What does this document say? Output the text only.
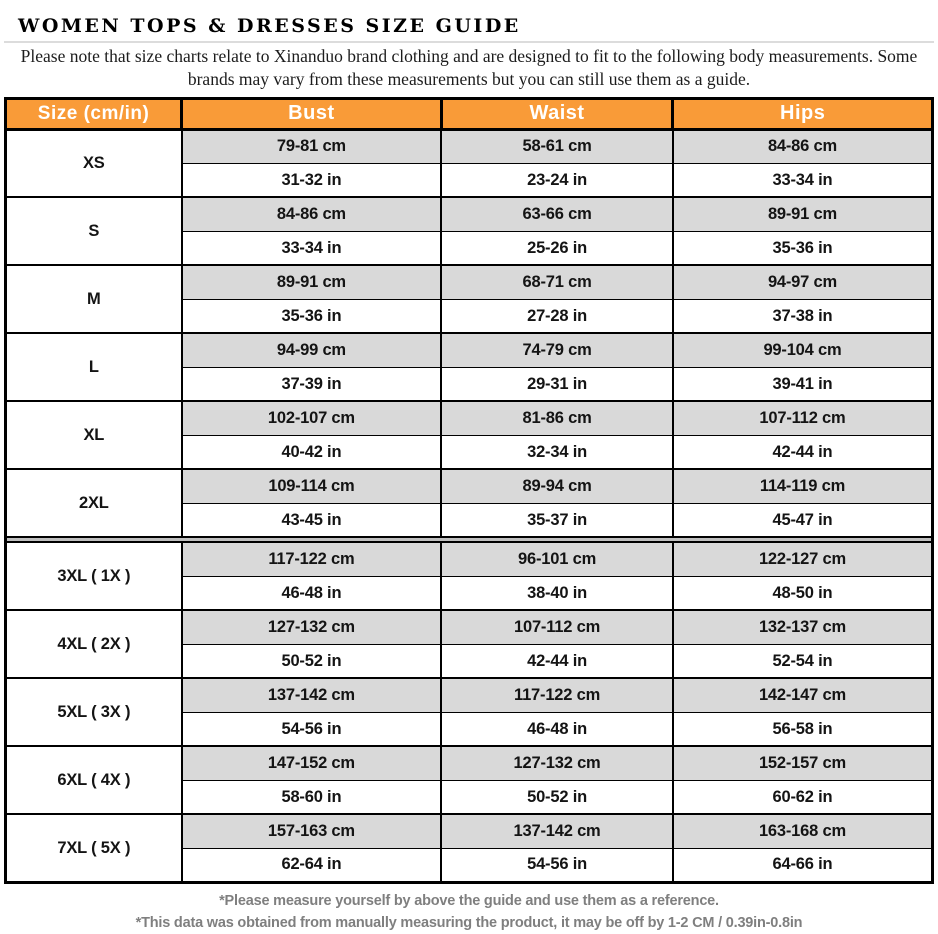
WOMEN TOPS & DRESSES SIZE GUIDE

Please note that size charts relate to Xinanduo brand clothing and are designed to fit to the following body measurements. Some brands may vary from these measurements but you can still use them as a guide.

Size (cm/in)	Bust	Waist	Hips
XS	79-81 cm	58-61 cm	84-86 cm
	31-32 in	23-24 in	33-34 in
S	84-86 cm	63-66 cm	89-91 cm
	33-34 in	25-26 in	35-36 in
M	89-91 cm	68-71 cm	94-97 cm
	35-36 in	27-28 in	37-38 in
L	94-99 cm	74-79 cm	99-104 cm
	37-39 in	29-31 in	39-41 in
XL	102-107 cm	81-86 cm	107-112 cm
	40-42 in	32-34 in	42-44 in
2XL	109-114 cm	89-94 cm	114-119 cm
	43-45 in	35-37 in	45-47 in

3XL ( 1X )	117-122 cm	96-101 cm	122-127 cm
	46-48 in	38-40 in	48-50 in
4XL ( 2X )	127-132 cm	107-112 cm	132-137 cm
	50-52 in	42-44 in	52-54 in
5XL ( 3X )	137-142 cm	117-122 cm	142-147 cm
	54-56 in	46-48 in	56-58 in
6XL ( 4X )	147-152 cm	127-132 cm	152-157 cm
	58-60 in	50-52 in	60-62 in
7XL ( 5X )	157-163 cm	137-142 cm	163-168 cm
	62-64 in	54-56 in	64-66 in

*Please measure yourself by above the guide and use them as a reference.

*This data was obtained from manually measuring the product, it may be off by 1-2 CM / 0.39in-0.8in
